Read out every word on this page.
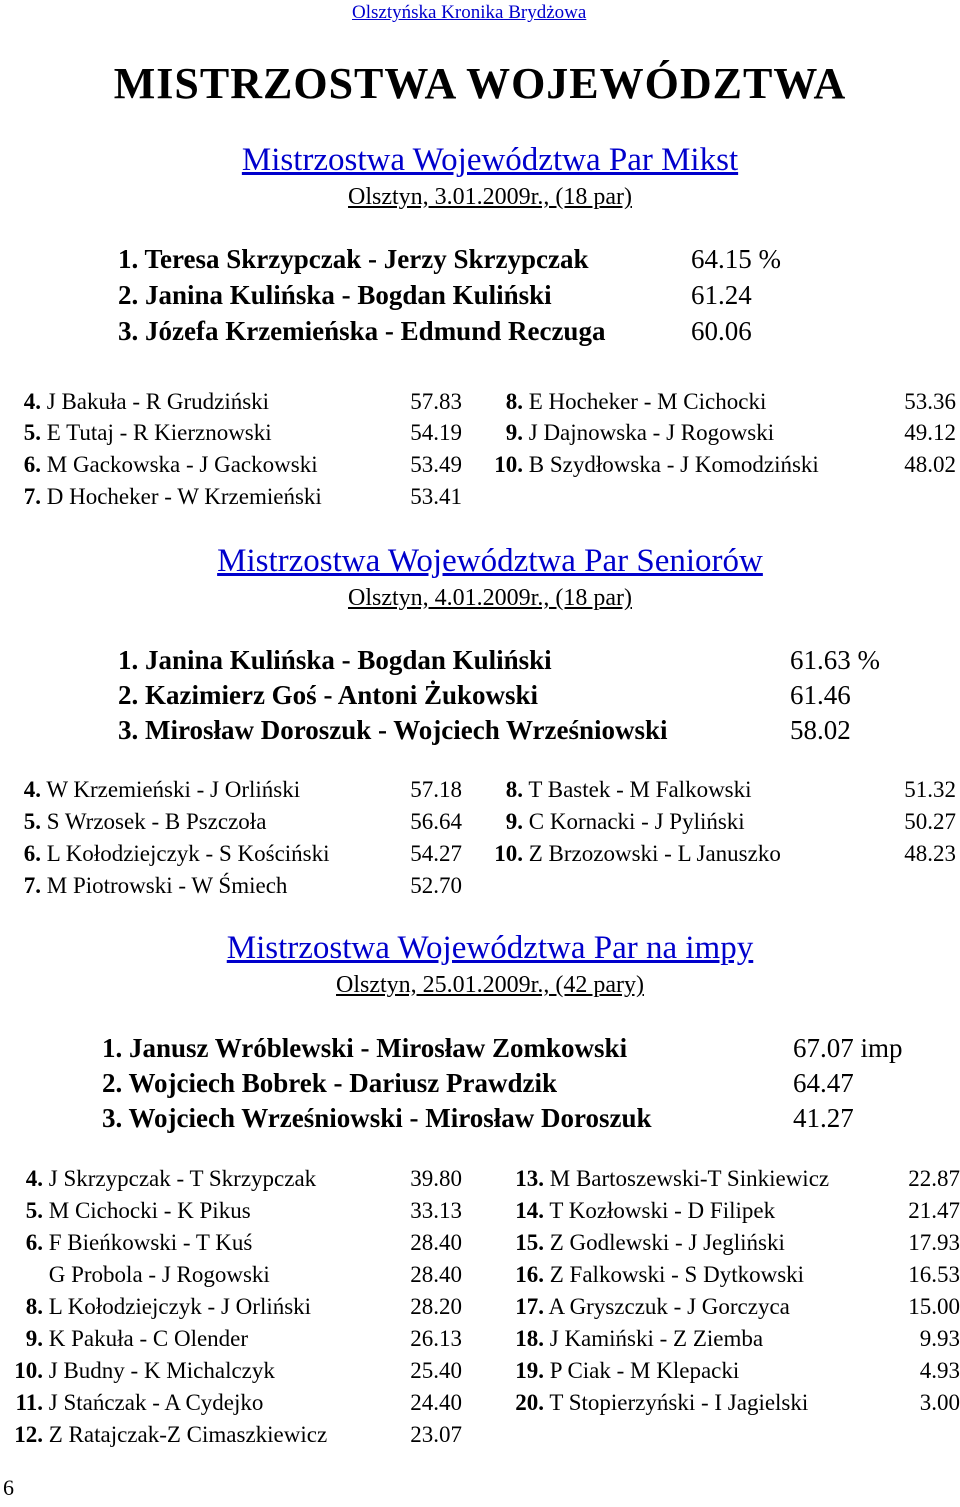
Olsztyńska Kronika Brydżowa
MISTRZOSTWA WOJEWÓDZTWA
Mistrzostwa Województwa Par Mikst
Olsztyn, 3.01.2009r., (18 par)
1. Teresa Skrzypczak - Jerzy Skrzypczak	64.15 %
2. Janina Kulińska - Bogdan Kuliński	61.24
3. Józefa Krzemieńska - Edmund Reczuga	60.06
4. J Bakuła - R Grudziński	57.83
5. E Tutaj - R Kierznowski	54.19
6. M Gackowska - J Gackowski	53.49
7. D Hocheker - W Krzemieński	53.41
8. E Hocheker - M Cichocki	53.36
9. J Dajnowska - J Rogowski	49.12
10. B Szydłowska - J Komodziński	48.02
Mistrzostwa Województwa Par Seniorów
Olsztyn, 4.01.2009r., (18 par)
1. Janina Kulińska - Bogdan Kuliński	61.63 %
2. Kazimierz Goś - Antoni Żukowski	61.46
3. Mirosław Doroszuk - Wojciech Wrześniowski	58.02
4. W Krzemieński - J Orliński	57.18
5. S Wrzosek - B Pszczoła	56.64
6. L Kołodziejczyk - S Kościński	54.27
7. M Piotrowski - W Śmiech	52.70
8. T Bastek - M Falkowski	51.32
9. C Kornacki - J Pyliński	50.27
10. Z Brzozowski - L Januszko	48.23
Mistrzostwa Województwa Par na impy
Olsztyn, 25.01.2009r., (42 pary)
1. Janusz Wróblewski - Mirosław Zomkowski	67.07 imp
2. Wojciech Bobrek - Dariusz Prawdzik	64.47
3. Wojciech Wrześniowski - Mirosław Doroszuk	41.27
4. J Skrzypczak - T Skrzypczak	39.80
5. M Cichocki - K Pikus	33.13
6. F Bieńkowski - T Kuś	28.40
G Probola - J Rogowski	28.40
8. L Kołodziejczyk - J Orliński	28.20
9. K Pakuła - C Olender	26.13
10. J Budny - K Michalczyk	25.40
11. J Stańczak - A Cydejko	24.40
12. Z Ratajczak-Z Cimaszkiewicz	23.07
13. M Bartoszewski-T Sinkiewicz	22.87
14. T Kozłowski - D Filipek	21.47
15. Z Godlewski - J Jegliński	17.93
16. Z Falkowski - S Dytkowski	16.53
17. A Gryszczuk - J Gorczyca	15.00
18. J Kamiński - Z Ziemba	9.93
19. P Ciak - M Klepacki	4.93
20. T Stopierzyński - I Jagielski	3.00
6
